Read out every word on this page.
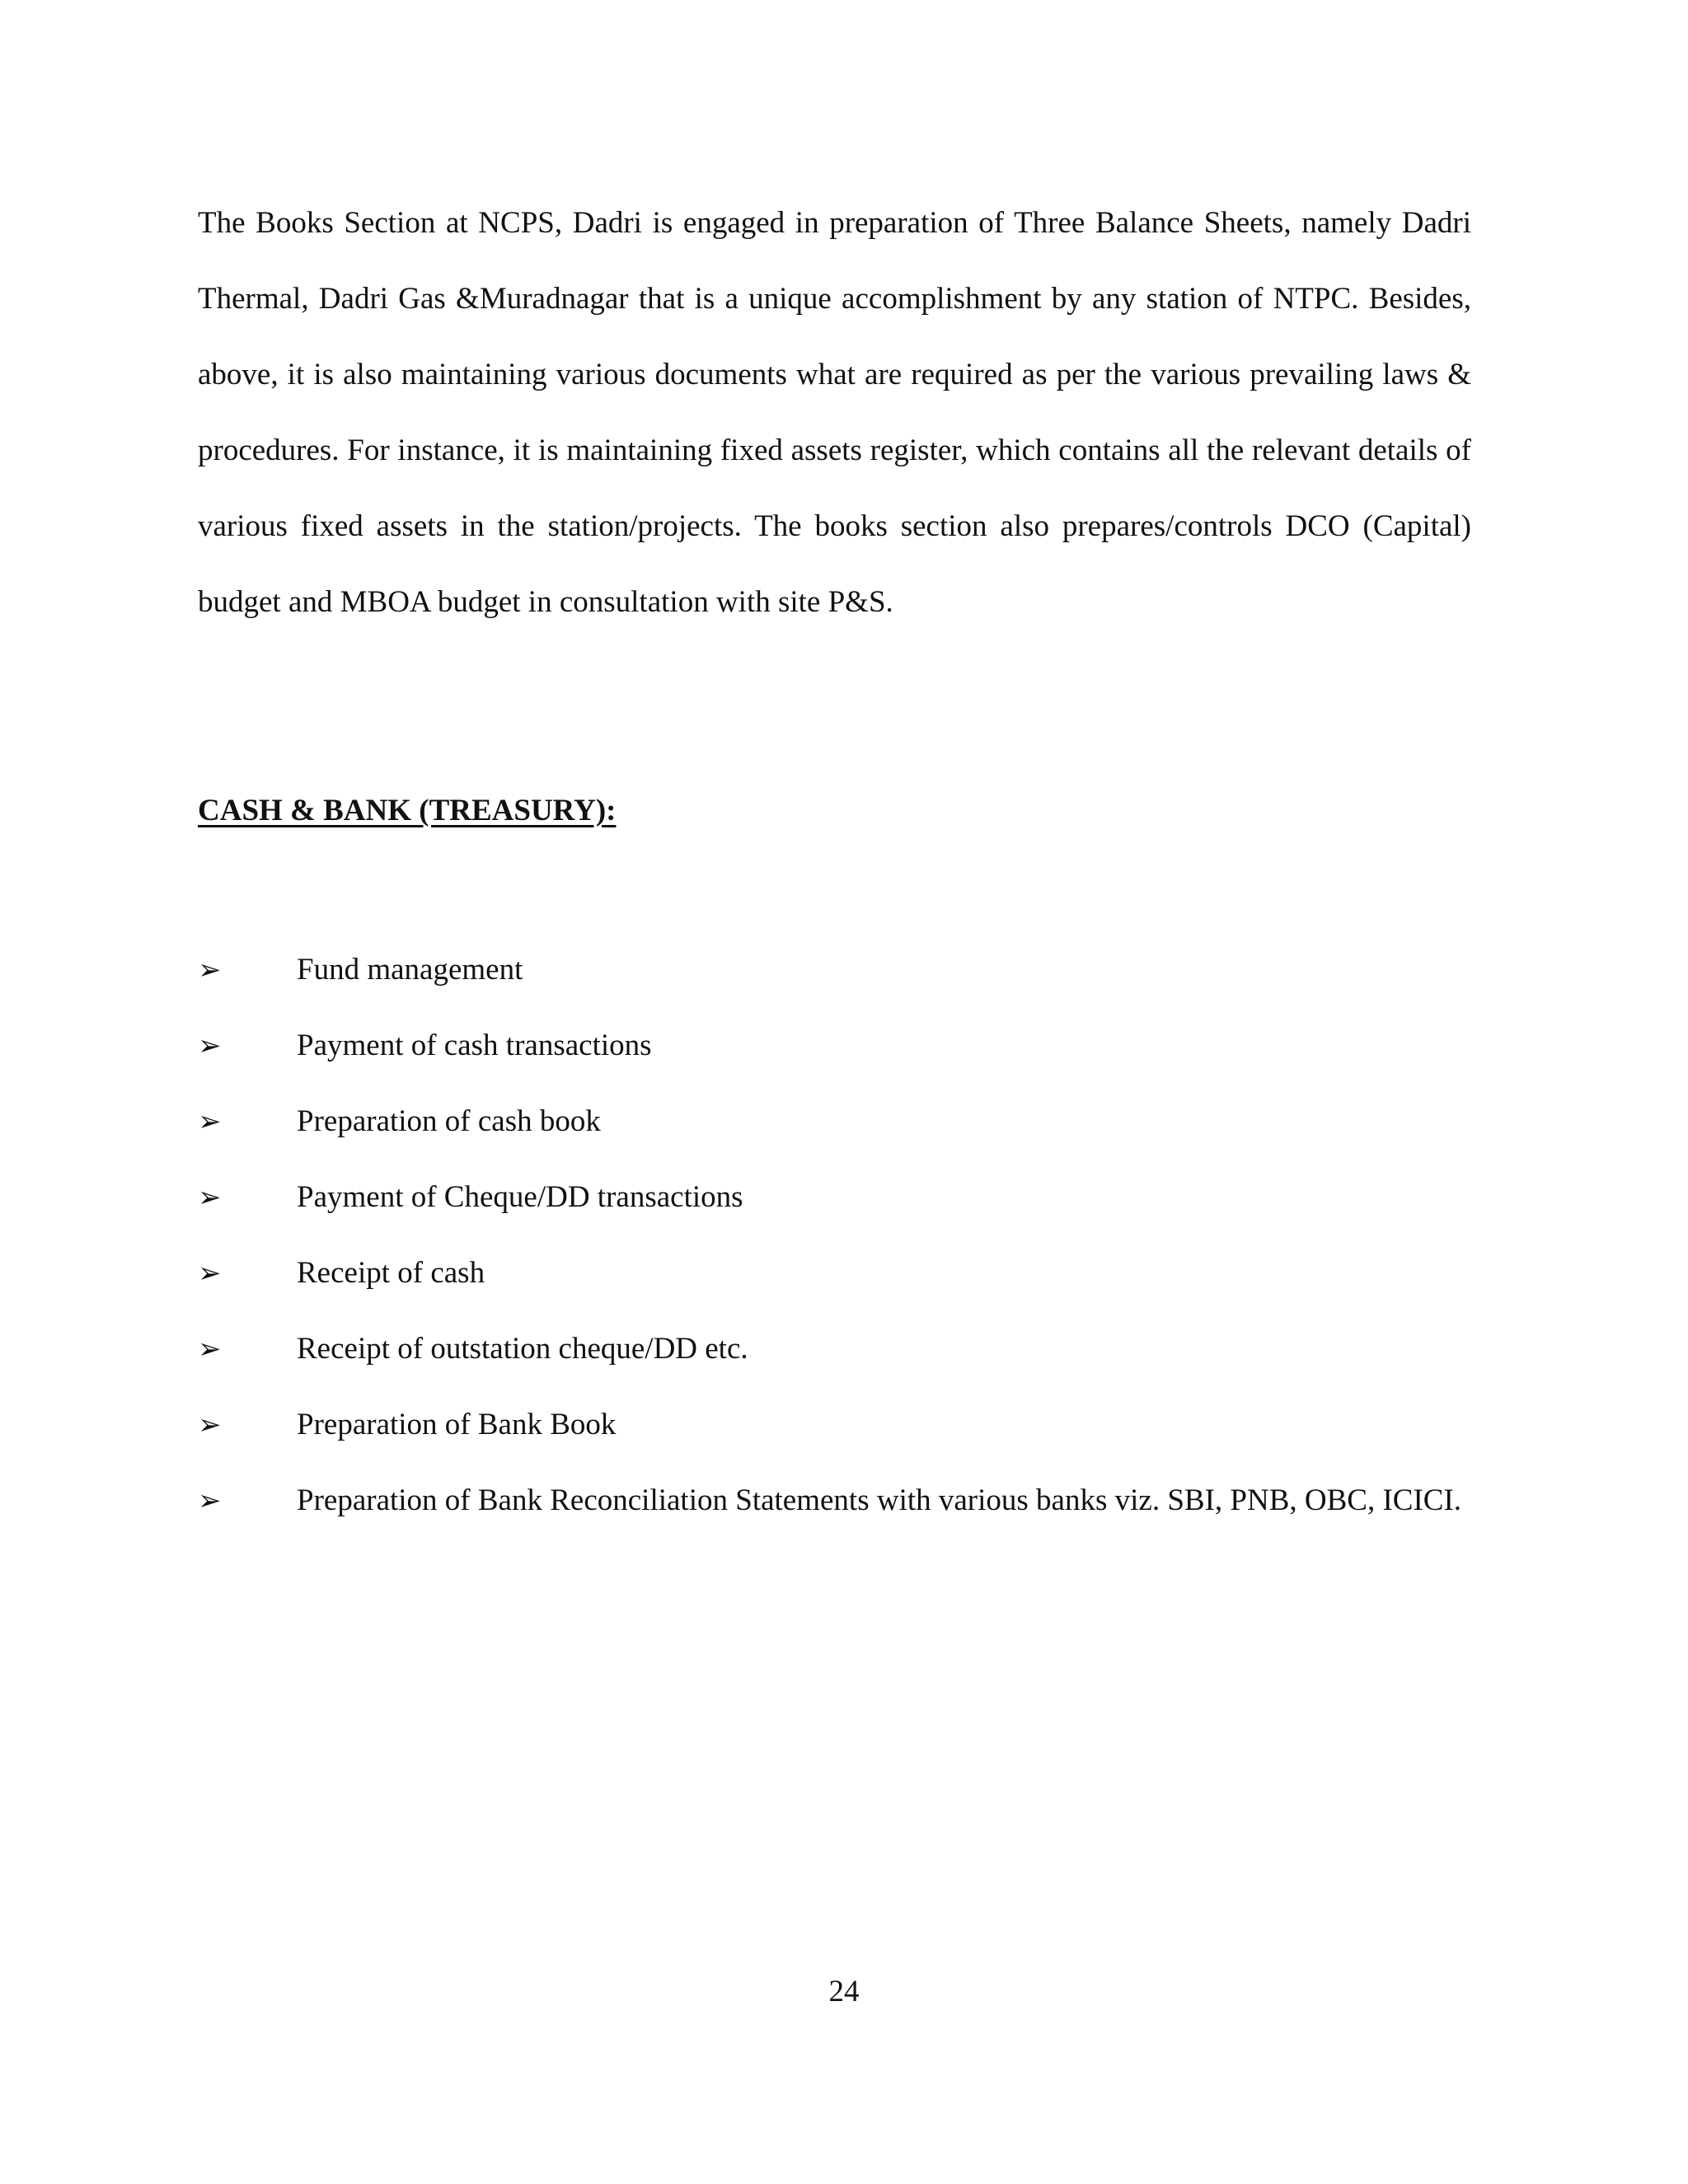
The Books Section at NCPS, Dadri is engaged in preparation of Three Balance Sheets, namely Dadri Thermal, Dadri Gas &Muradnagar that is a unique accomplishment by any station of NTPC. Besides, above, it is also maintaining various documents what are required as per the various prevailing laws & procedures. For instance, it is maintaining fixed assets register, which contains all the relevant details of various fixed assets in the station/projects. The books section also prepares/controls DCO (Capital) budget and MBOA budget in consultation with site P&S.

CASH & BANK (TREASURY):
➢	Fund management
➢	Payment of cash transactions
➢	Preparation of cash book
➢	Payment of Cheque/DD transactions
➢	Receipt of cash
➢	Receipt of outstation cheque/DD etc.
➢	Preparation of Bank Book
➢	Preparation of Bank Reconciliation Statements with various banks viz. SBI, PNB, OBC, ICICI.

24
